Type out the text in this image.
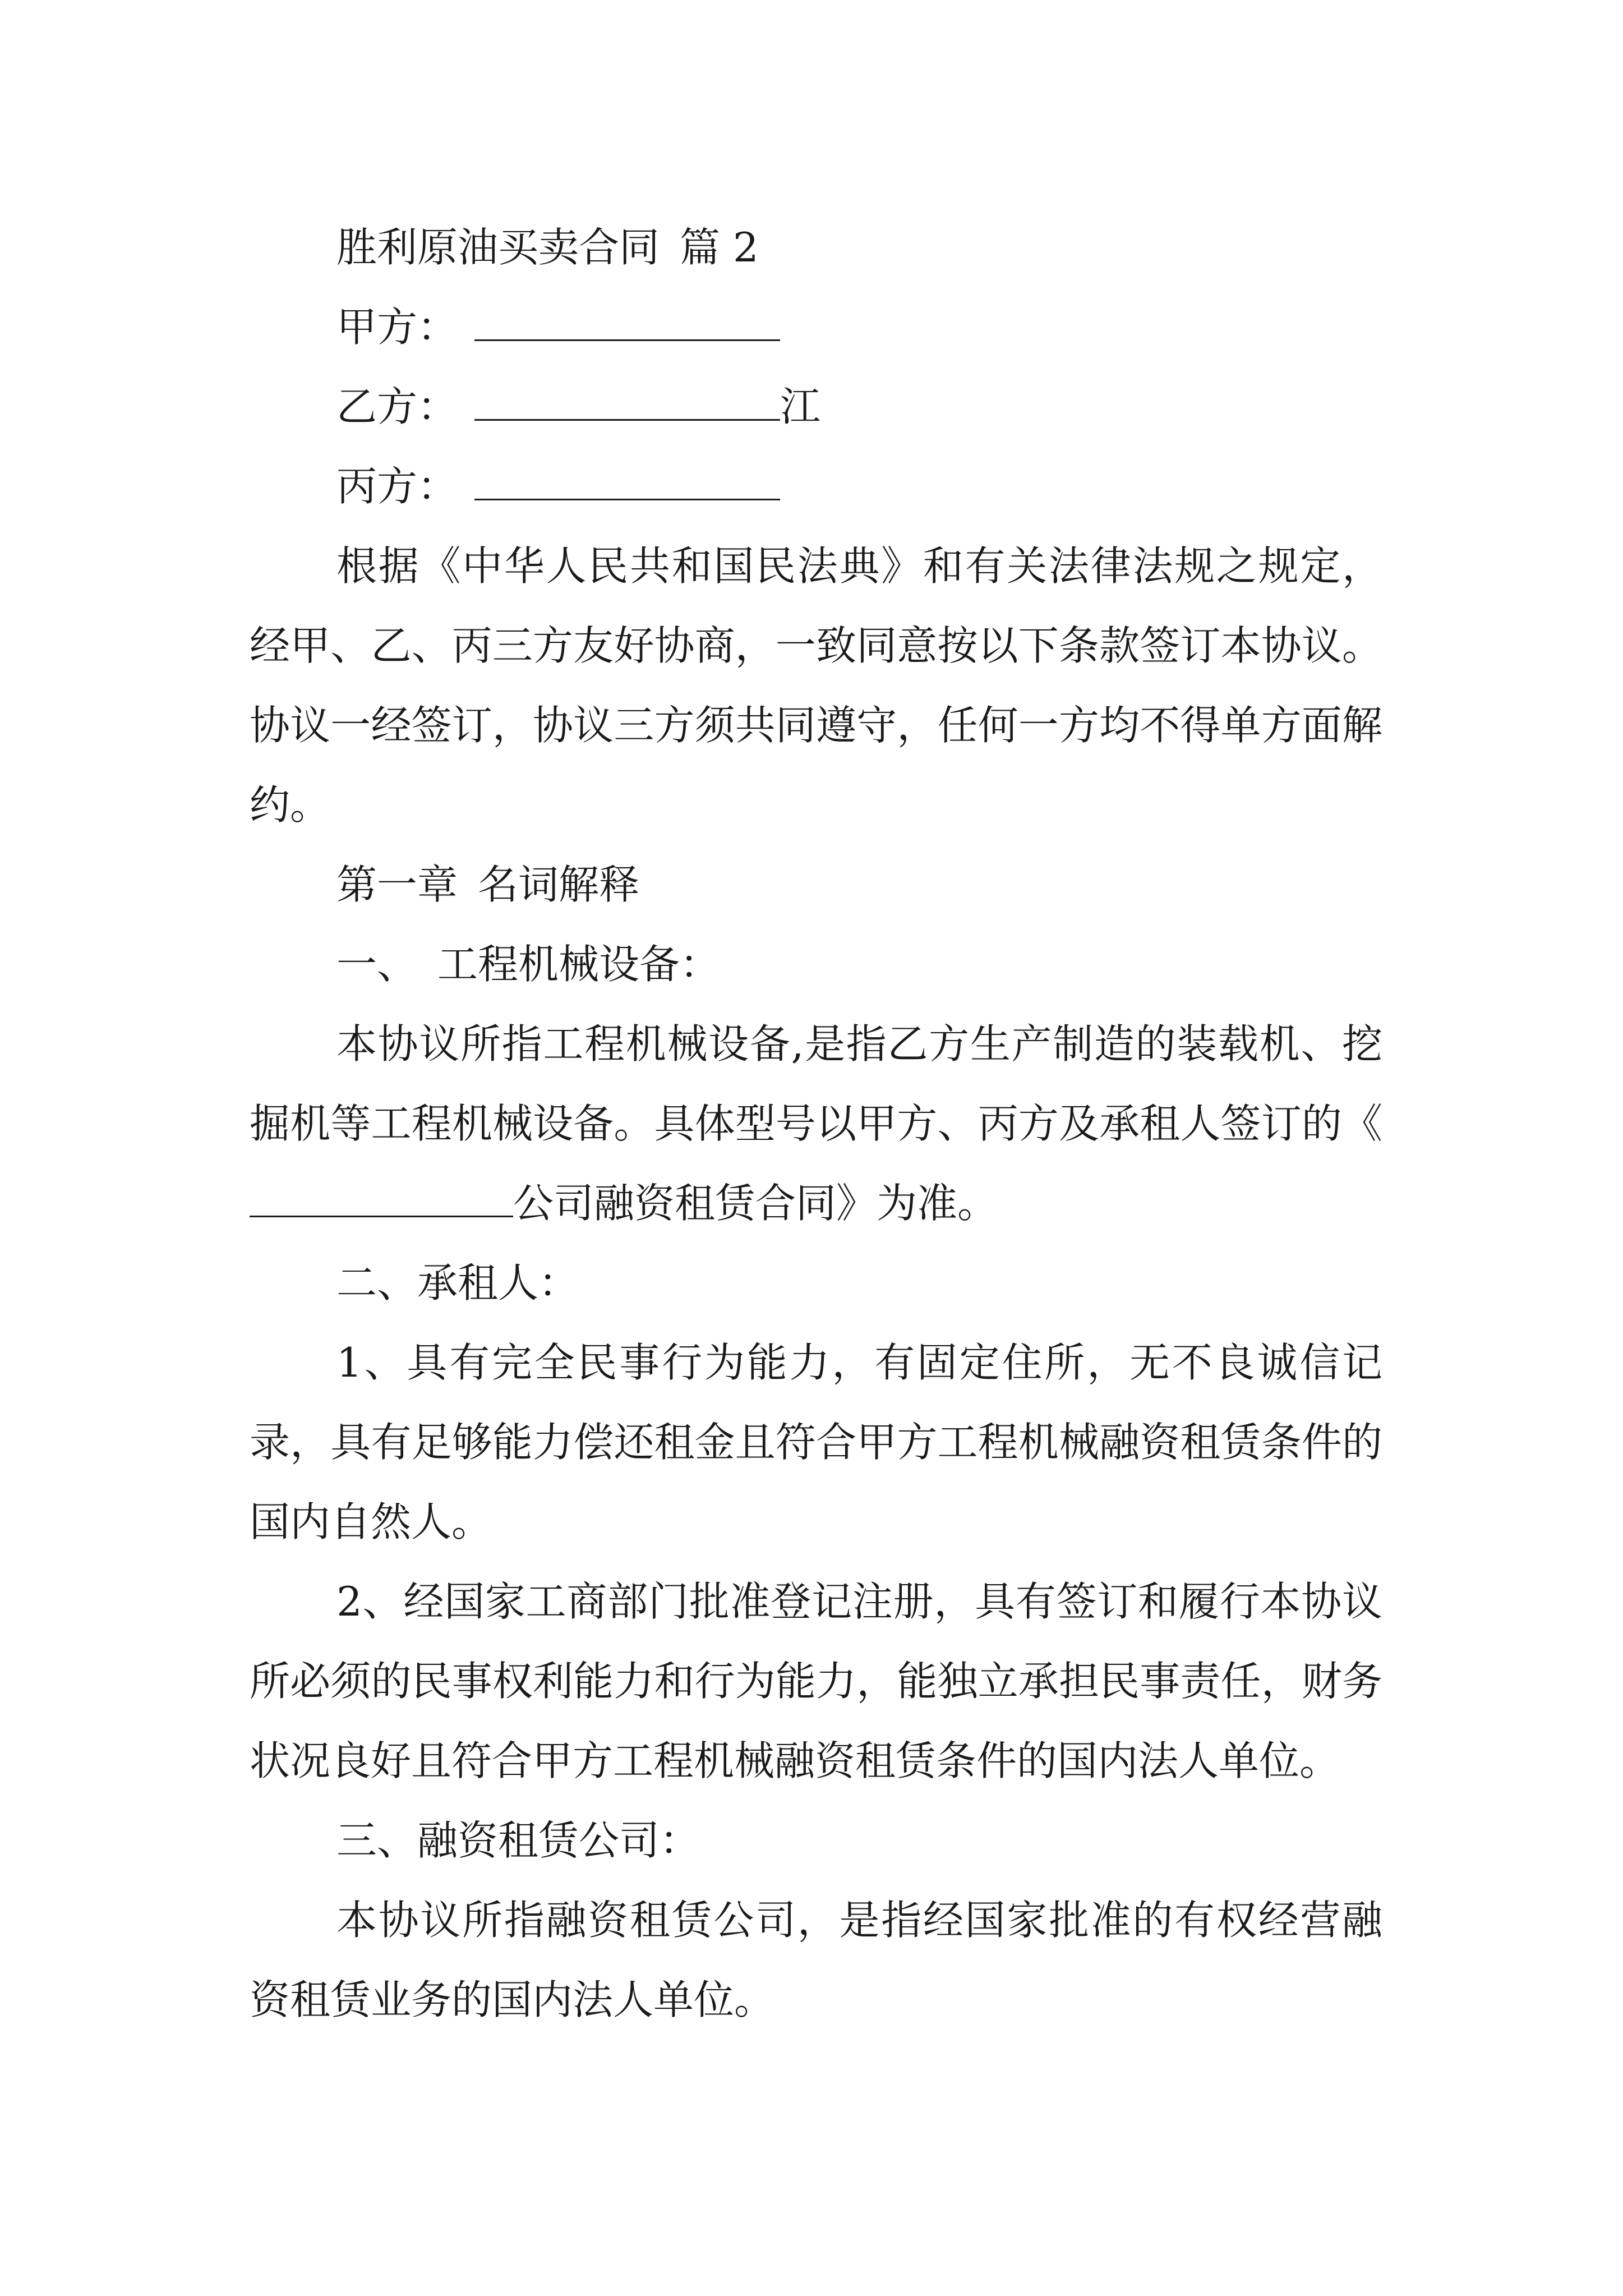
胜利原油买卖合同 篇 2
甲方：
乙方：	江
丙方：
根据《中华人民共和国民法典》和有关法律法规之规定，经甲、乙、丙三方友好协商，一致同意按以下条款签订本协议。协议一经签订，协议三方须共同遵守，任何一方均不得单方面解约。
第一章 名词解释
一、 工程机械设备：
本协议所指工程机械设备,是指乙方生产制造的装载机、挖掘机等工程机械设备。具体型号以甲方、丙方及承租人签订的《公司融资租赁合同》为准。
二、承租人：
1、具有完全民事行为能力，有固定住所，无不良诚信记录，具有足够能力偿还租金且符合甲方工程机械融资租赁条件的国内自然人。
2、经国家工商部门批准登记注册，具有签订和履行本协议所必须的民事权利能力和行为能力，能独立承担民事责任，财务状况良好且符合甲方工程机械融资租赁条件的国内法人单位。
三、融资租赁公司：
本协议所指融资租赁公司，是指经国家批准的有权经营融资租赁业务的国内法人单位。
